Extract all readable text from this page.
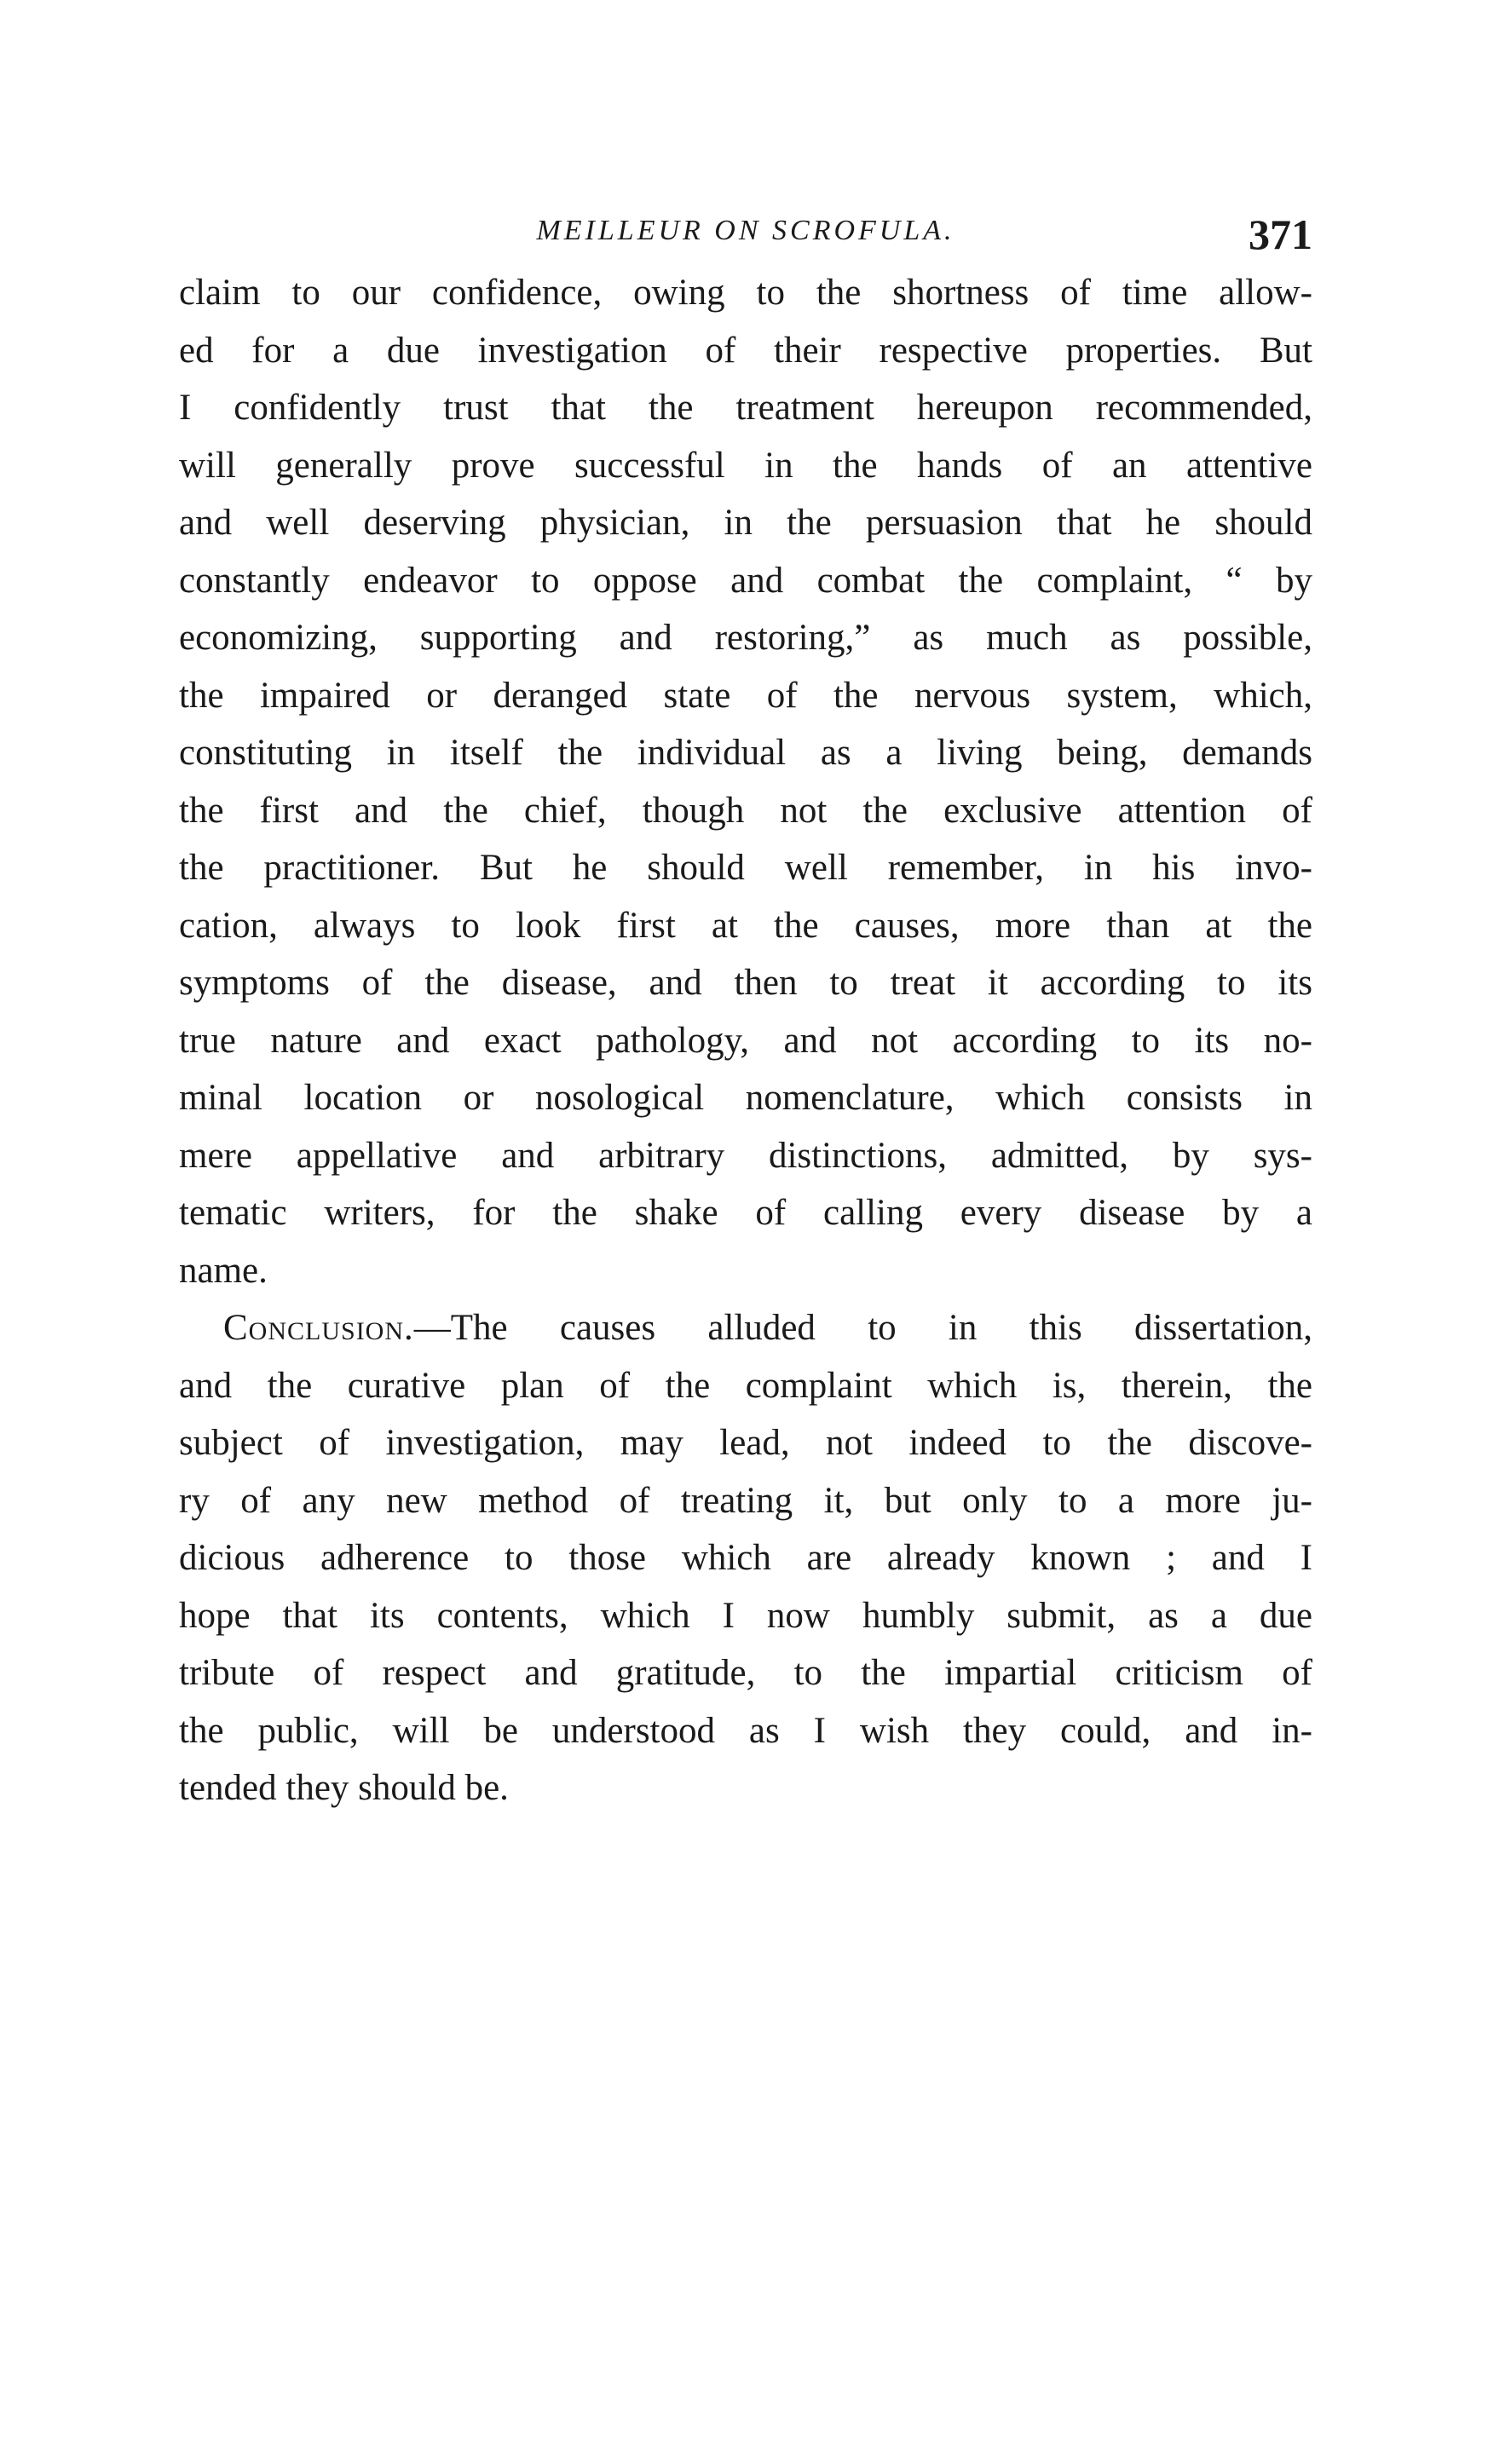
MEILLEUR ON SCROFULA.	371
claim to our confidence, owing to the shortness of time allow-
ed for a due investigation of their respective properties. But
I confidently trust that the treatment hereupon recommended,
will generally prove successful in the hands of an attentive
and well deserving physician, in the persuasion that he should
constantly endeavor to oppose and combat the complaint, “ by
economizing, supporting and restoring,” as much as possible,
the impaired or deranged state of the nervous system, which,
constituting in itself the individual as a living being, demands
the first and the chief, though not the exclusive attention of
the practitioner. But he should well remember, in his invo-
cation, always to look first at the causes, more than at the
symptoms of the disease, and then to treat it according to its
true nature and exact pathology, and not according to its no-
minal location or nosological nomenclature, which consists in
mere appellative and arbitrary distinctions, admitted, by sys-
tematic writers, for the shake of calling every disease by a
name.
Conclusion.—The causes alluded to in this dissertation,
and the curative plan of the complaint which is, therein, the
subject of investigation, may lead, not indeed to the discove-
ry of any new method of treating it, but only to a more ju-
dicious adherence to those which are already known ; and I
hope that its contents, which I now humbly submit, as a due
tribute of respect and gratitude, to the impartial criticism of
the public, will be understood as I wish they could, and in-
tended they should be.
